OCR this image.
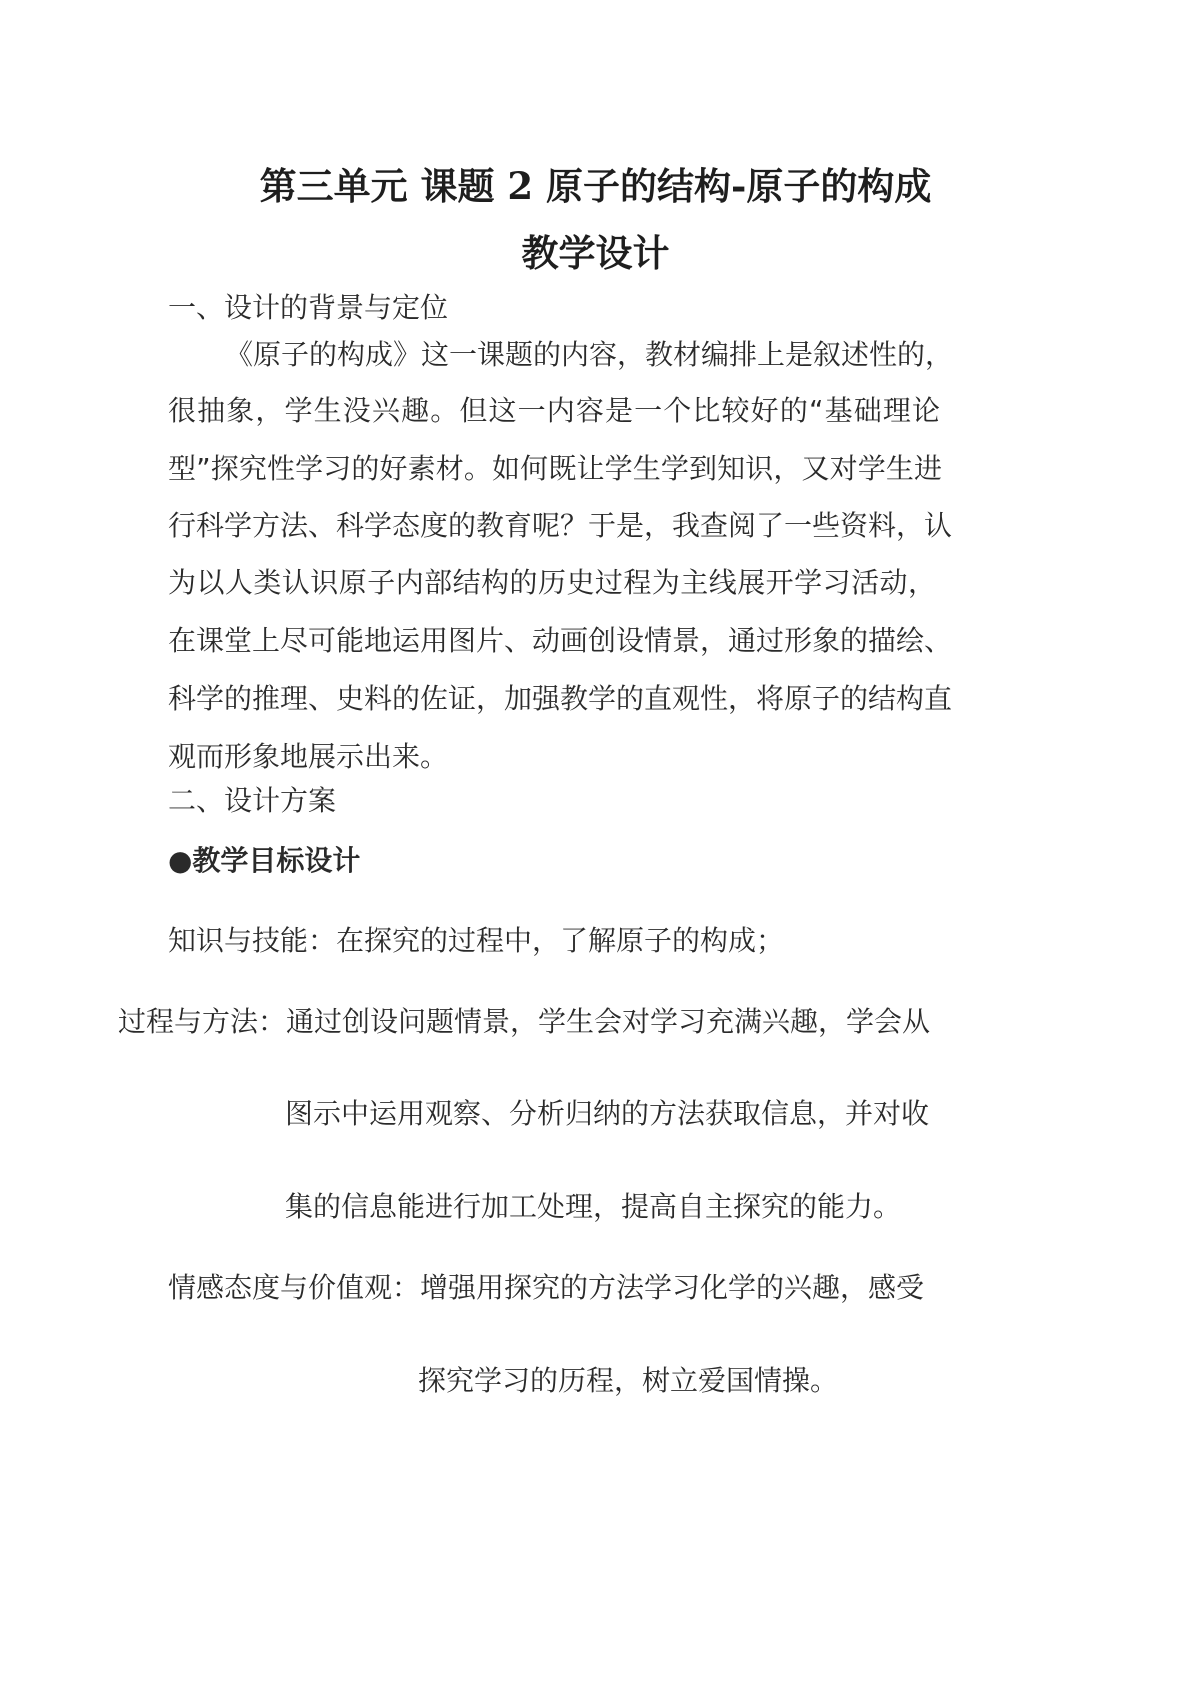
第三单元 课题 2 原子的结构-原子的构成
教学设计
一、设计的背景与定位
《原子的构成》这一课题的内容，教材编排上是叙述性的，
很抽象，学生没兴趣。但这一内容是一个比较好的“基础理论
型”探究性学习的好素材。如何既让学生学到知识，又对学生进
行科学方法、科学态度的教育呢？于是，我查阅了一些资料，认
为以人类认识原子内部结构的历史过程为主线展开学习活动，
在课堂上尽可能地运用图片、动画创设情景，通过形象的描绘、
科学的推理、史料的佐证，加强教学的直观性，将原子的结构直
观而形象地展示出来。
二、设计方案
●教学目标设计
知识与技能：在探究的过程中，了解原子的构成；
过程与方法：通过创设问题情景，学生会对学习充满兴趣，学会从
图示中运用观察、分析归纳的方法获取信息，并对收
集的信息能进行加工处理，提高自主探究的能力。
情感态度与价值观：增强用探究的方法学习化学的兴趣，感受
探究学习的历程，树立爱国情操。
